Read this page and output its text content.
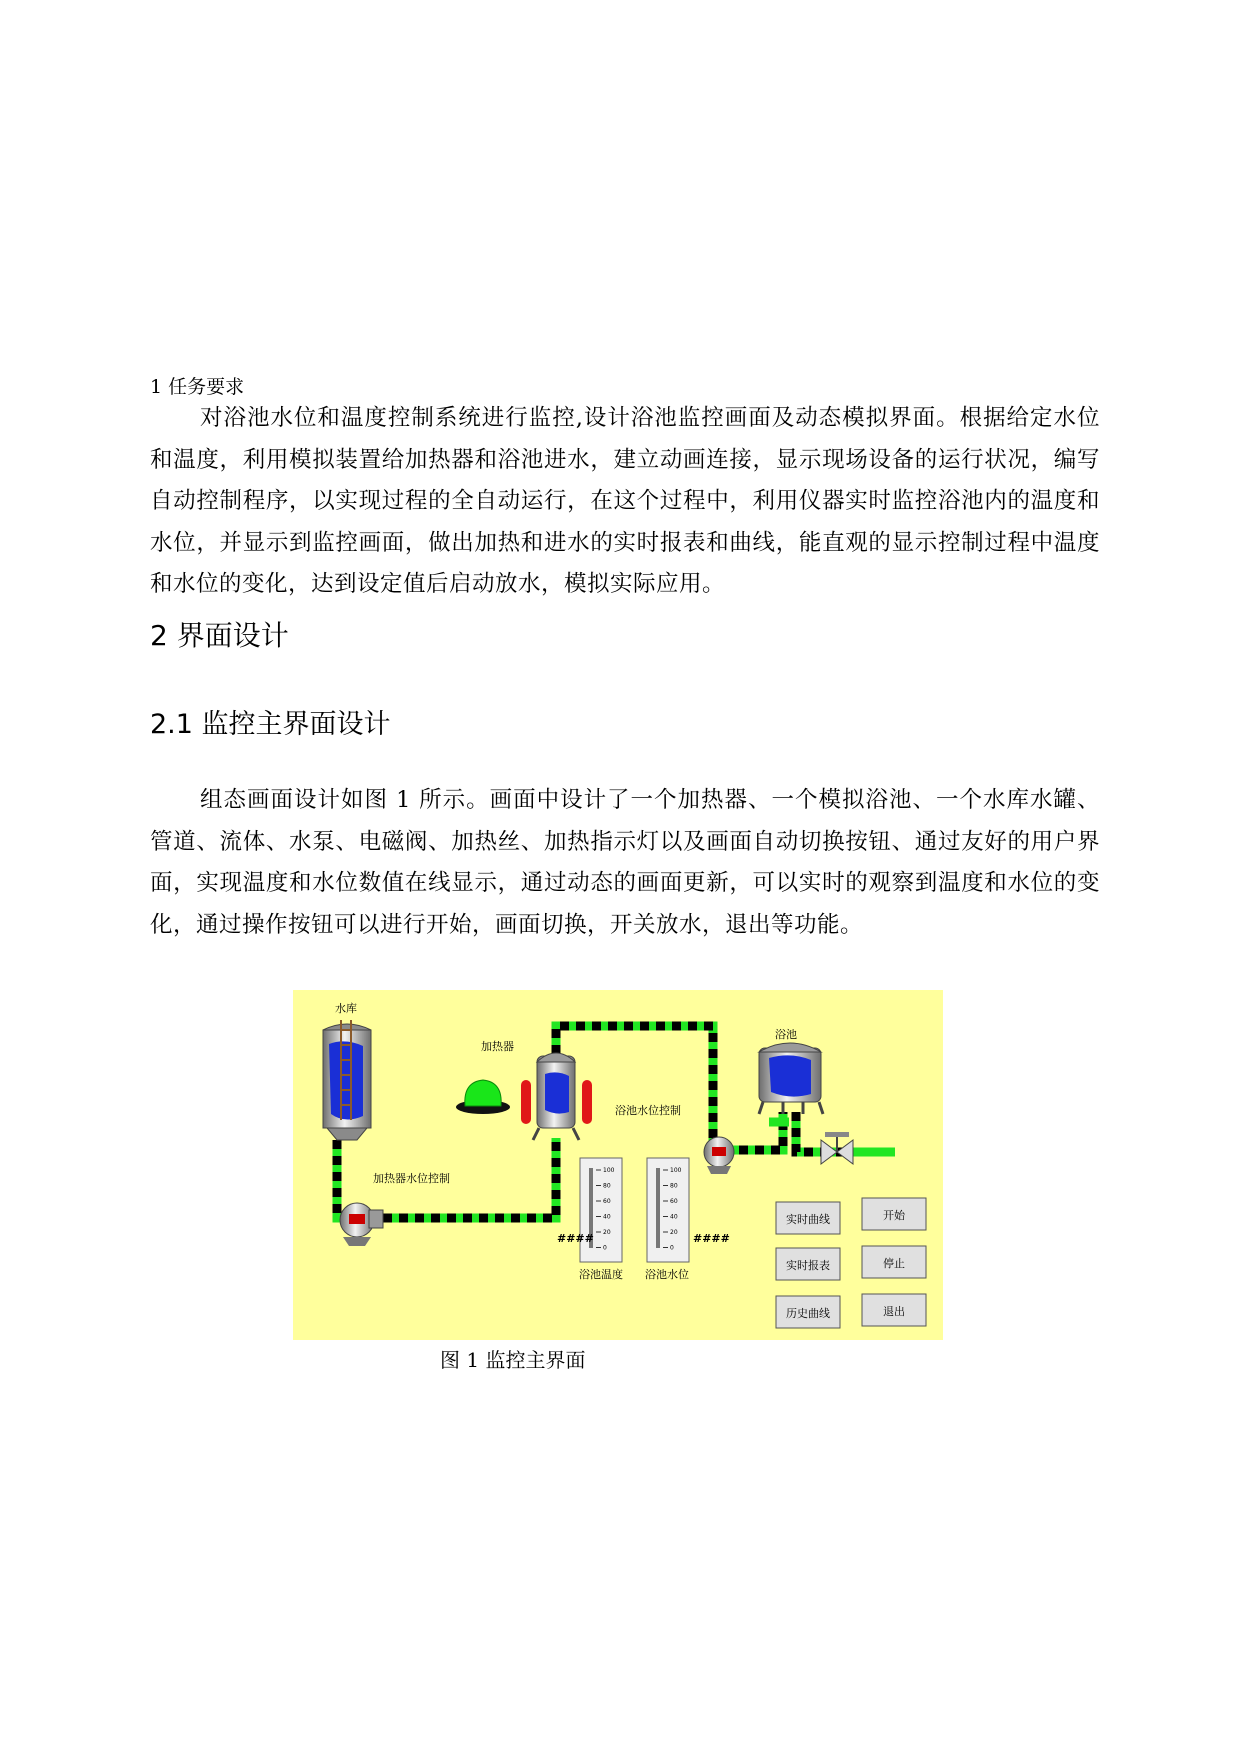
1 任务要求
对浴池水位和温度控制系统进行监控,设计浴池监控画面及动态模拟界面。根据给定水位和温度，利用模拟装置给加热器和浴池进水，建立动画连接，显示现场设备的运行状况，编写自动控制程序，以实现过程的全自动运行，在这个过程中，利用仪器实时监控浴池内的温度和水位，并显示到监控画面，做出加热和进水的实时报表和曲线，能直观的显示控制过程中温度和水位的变化，达到设定值后启动放水，模拟实际应用。
2 界面设计
2.1 监控主界面设计
组态画面设计如图 1 所示。画面中设计了一个加热器、一个模拟浴池、一个水库水罐、管道、流体、水泵、电磁阀、加热丝、加热指示灯以及画面自动切换按钮、通过友好的用户界面，实现温度和水位数值在线显示，通过动态的画面更新，可以实时的观察到温度和水位的变化，通过操作按钮可以进行开始，画面切换，开关放水，退出等功能。
水库
加热器
浴池水位控制
加热器水位控制
浴池
100
80
60
40
20
0
100
80
60
40
20
0
####	####
浴池温度 浴池水位
实时曲线	开始
实时报表	停止
历史曲线	退出
图 1 监控主界面
